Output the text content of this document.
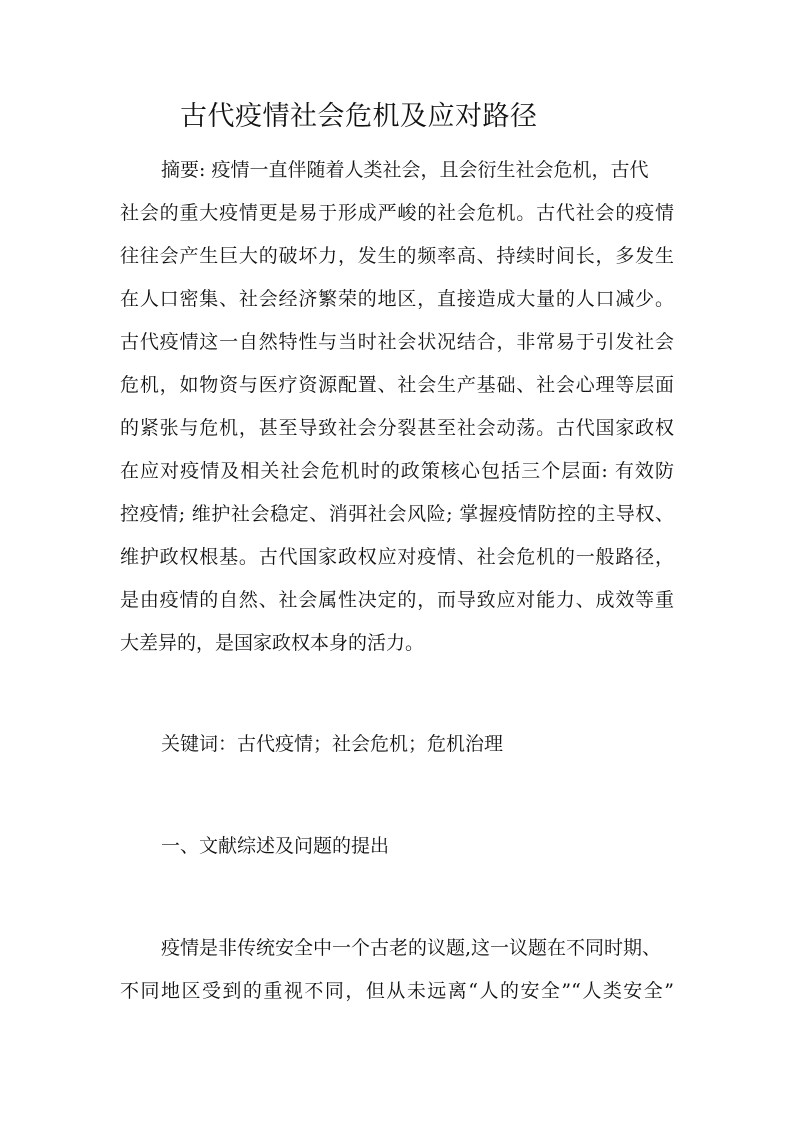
古代疫情社会危机及应对路径
摘要: 疫情一直伴随着人类社会，且会衍生社会危机，古代
社会的重大疫情更是易于形成严峻的社会危机。古代社会的疫情
往往会产生巨大的破坏力，发生的频率高、持续时间长，多发生
在人口密集、社会经济繁荣的地区，直接造成大量的人口减少。
古代疫情这一自然特性与当时社会状况结合，非常易于引发社会
危机，如物资与医疗资源配置、社会生产基础、社会心理等层面
的紧张与危机，甚至导致社会分裂甚至社会动荡。古代国家政权
在应对疫情及相关社会危机时的政策核心包括三个层面: 有效防
控疫情; 维护社会稳定、消弭社会风险; 掌握疫情防控的主导权、
维护政权根基。古代国家政权应对疫情、社会危机的一般路径，
是由疫情的自然、社会属性决定的，而导致应对能力、成效等重
大差异的，是国家政权本身的活力。
关键词：古代疫情；社会危机；危机治理
一、文献综述及问题的提出
疫情是非传统安全中一个古老的议题,这一议题在不同时期、
不同地区受到的重视不同，但从未远离“人的安全”“人类安全”
